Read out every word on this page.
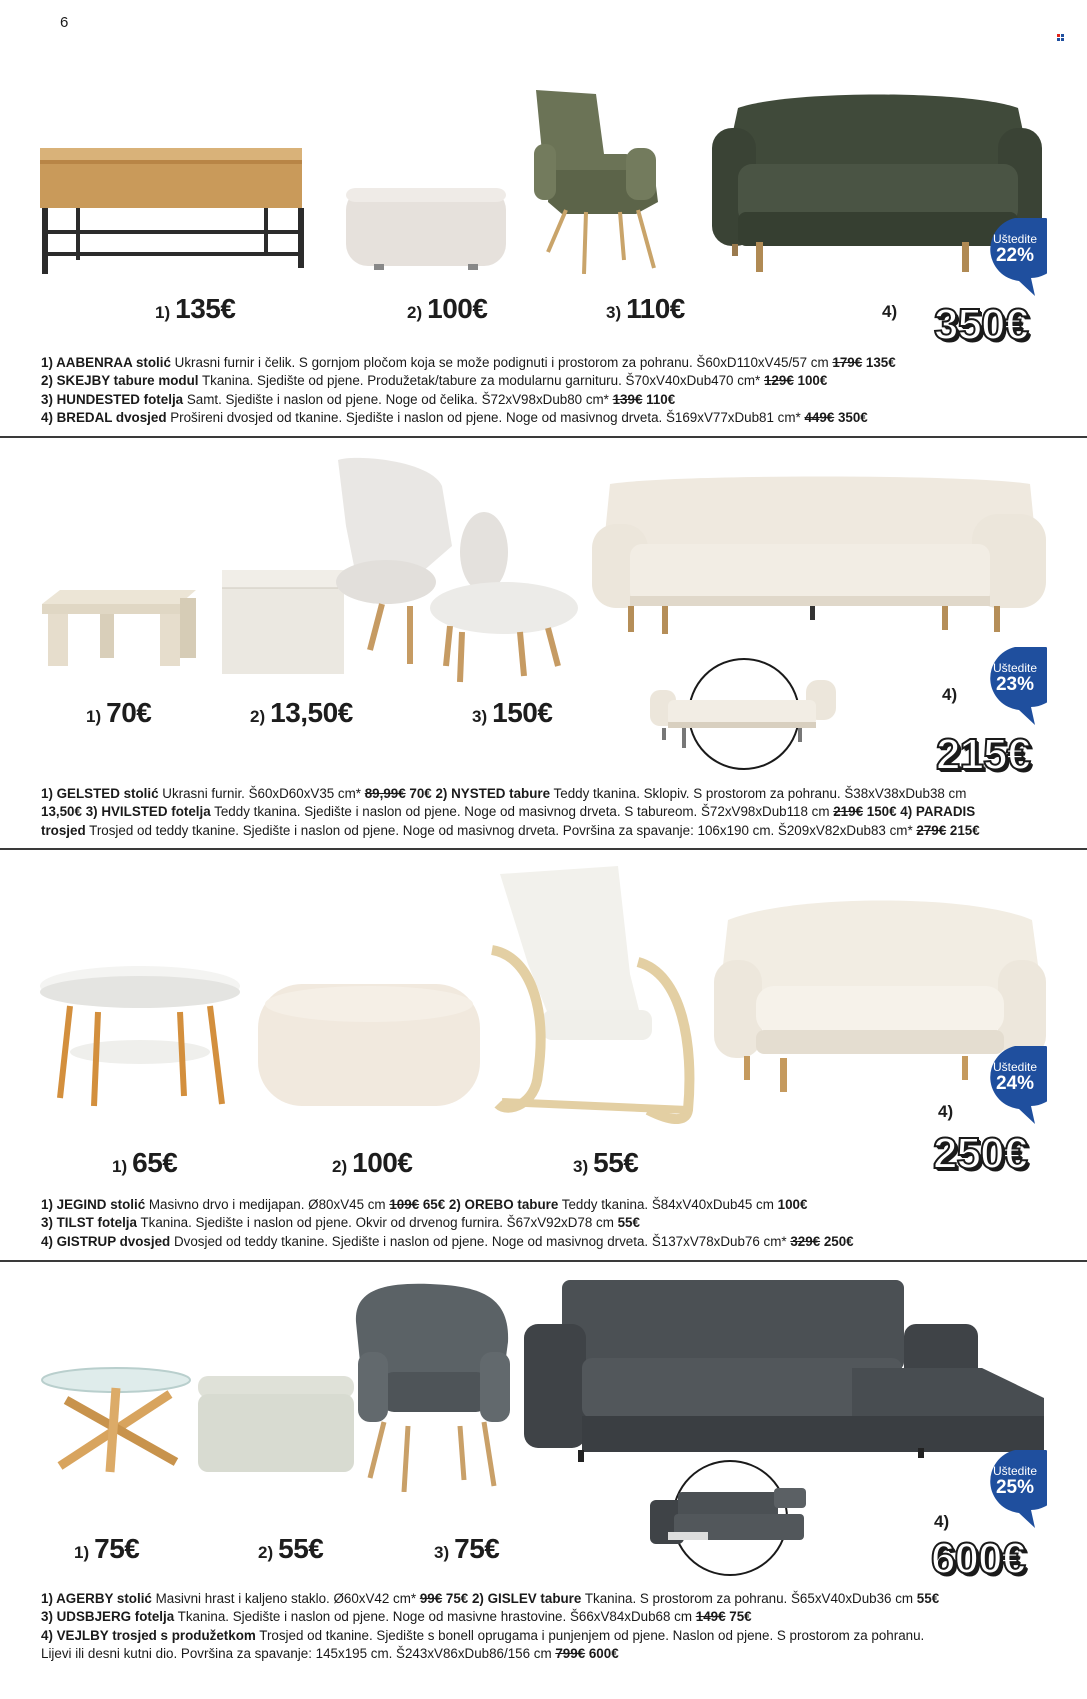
6
1) 135€	2) 100€	3) 110€	4)
Uštedite
22%
350€

1) AABENRAA stolić Ukrasni furnir i čelik. S gornjom pločom koja se može podignuti i prostorom za pohranu. Š60xD110xV45/57 cm 179€ 135€

2) SKEJBY tabure modul Tkanina. Sjedište od pjene. Produžetak/tabure za modularnu garnituru. Š70xV40xDub470 cm* 129€ 100€

3) HUNDESTED fotelja Samt. Sjedište i naslon od pjene. Noge od čelika. Š72xV98xDub80 cm* 139€ 110€

4) BREDAL dvosjed Prošireni dvosjed od tkanine. Sjedište i naslon od pjene. Noge od masivnog drveta. Š169xV77xDub81 cm* 449€ 350€

1) 70€	2) 13,50€	3) 150€
4)
Uštedite
23%
215€

1) GELSTED stolić Ukrasni furnir. Š60xD60xV35 cm* 89,99€ 70€ 2) NYSTED tabure Teddy tkanina. Sklopiv. S prostorom za pohranu. Š38xV38xDub38 cm

13,50€ 3) HVILSTED fotelja Teddy tkanina. Sjedište i naslon od pjene. Noge od masivnog drveta. S taburеom. Š72xV98xDub118 cm 219€ 150€ 4) PARADIS

trosjed Trosjed od teddy tkanine. Sjedište i naslon od pjene. Noge od masivnog drveta. Površina za spavanje: 106x190 cm. Š209xV82xDub83 cm* 279€ 215€

1) 65€	2) 100€	3) 55€
4)
Uštedite
24%
250€

1) JEGIND stolić Masivno drvo i medijapan. Ø80xV45 cm 109€ 65€ 2) OREBO tabure Teddy tkanina. Š84xV40xDub45 cm 100€

3) TILST fotelja Tkanina. Sjedište i naslon od pjene. Okvir od drvenog furnira. Š67xV92xD78 cm 55€

4) GISTRUP dvosjed Dvosjed od teddy tkanine. Sjedište i naslon od pjene. Noge od masivnog drveta. Š137xV78xDub76 cm* 329€ 250€

1) 75€	2) 55€	3) 75€
4)
Uštedite
25%
600€

1) AGERBY stolić Masivni hrast i kaljeno staklo. Ø60xV42 cm* 99€ 75€ 2) GISLEV tabure Tkanina. S prostorom za pohranu. Š65xV40xDub36 cm 55€

3) UDSBJERG fotelja Tkanina. Sjedište i naslon od pjene. Noge od masivne hrastovine. Š66xV84xDub68 cm 149€ 75€

4) VEJLBY trosjed s produžetkom Trosjed od tkanine. Sjedište s bonell oprugama i punjenjem od pjene. Naslon od pjene. S prostorom za pohranu.

Lijevi ili desni kutni dio. Površina za spavanje: 145x195 cm. Š243xV86xDub86/156 cm 799€ 600€
